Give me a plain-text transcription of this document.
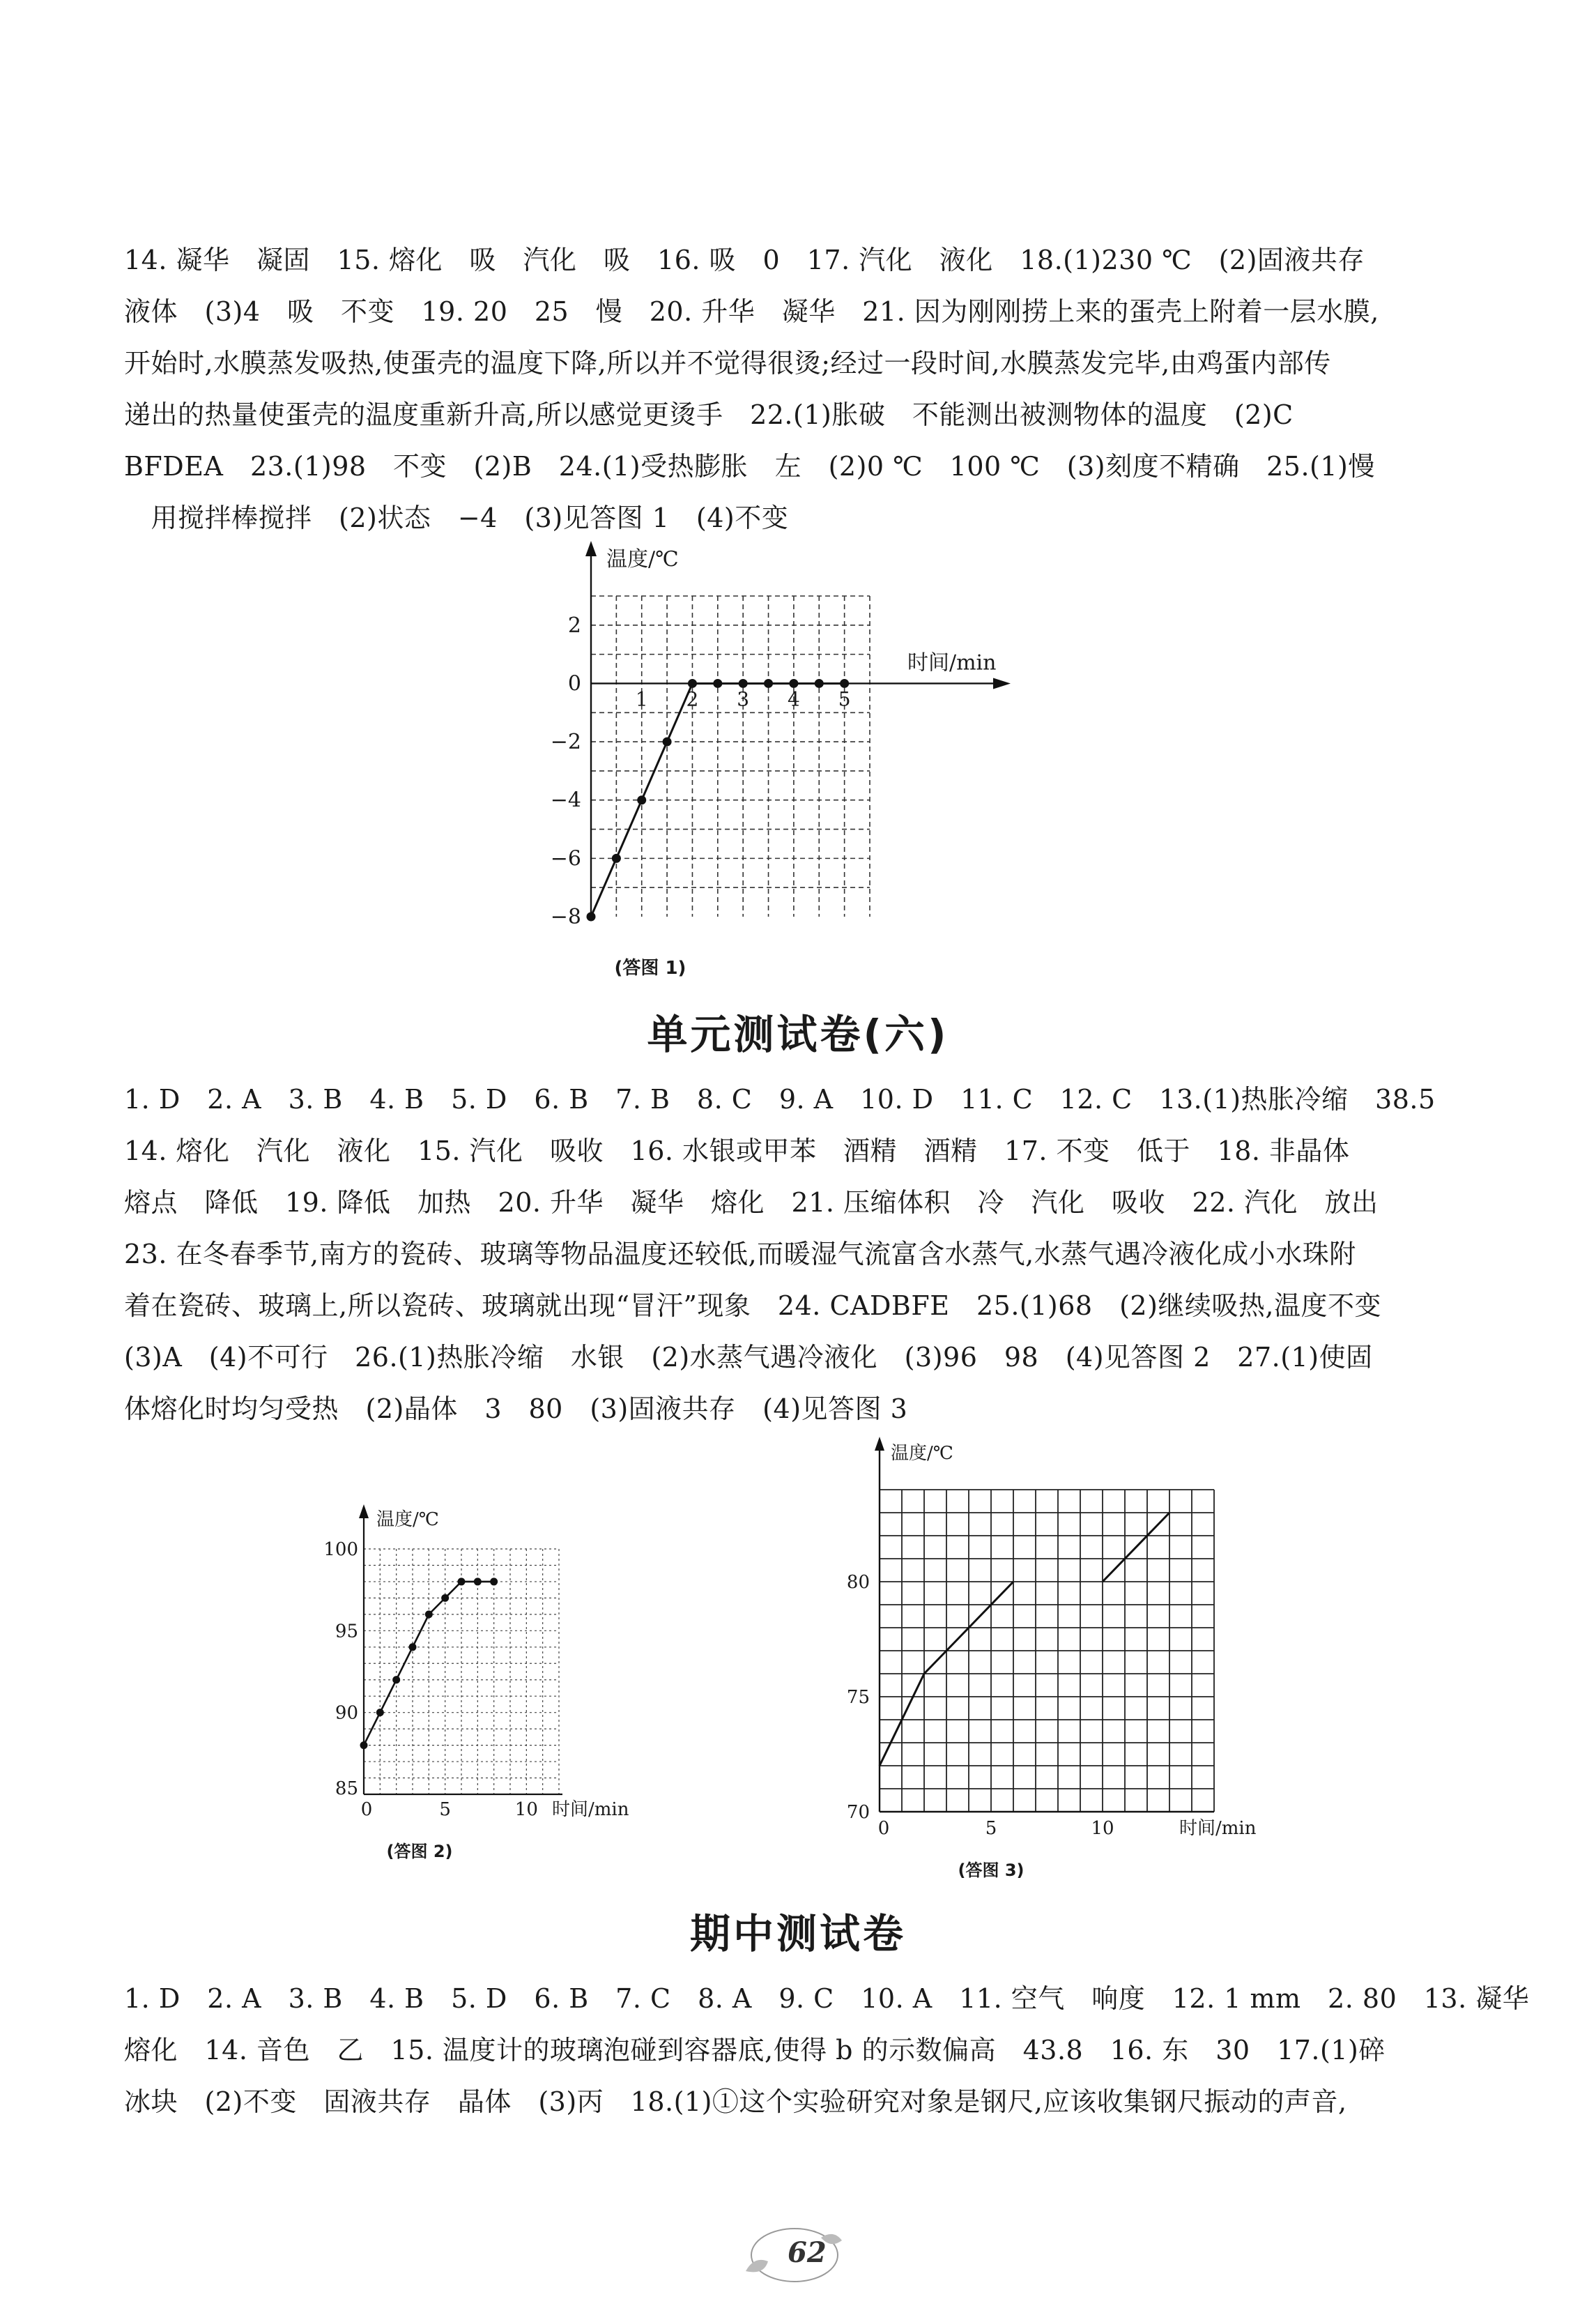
14. 凝华　凝固　15. 熔化　吸　汽化　吸　16. 吸　0　17. 汽化　液化　18.(1)230 ℃　(2)固液共存

液体　(3)4　吸　不变　19. 20　25　慢　20. 升华　凝华　21. 因为刚刚捞上来的蛋壳上附着一层水膜,

开始时,水膜蒸发吸热,使蛋壳的温度下降,所以并不觉得很烫;经过一段时间,水膜蒸发完毕,由鸡蛋内部传

递出的热量使蛋壳的温度重新升高,所以感觉更烫手　22.(1)胀破　不能测出被测物体的温度　(2)C

BFDEA　23.(1)98　不变　(2)B　24.(1)受热膨胀　左　(2)0 ℃　100 ℃　(3)刻度不精确　25.(1)慢

　用搅拌棒搅拌　(2)状态　−4　(3)见答图 1　(4)不变

温度/℃
时间/min
2
0
−2
−4
−6
−8
1 2 3 4 5
(答图 1)
单元测试卷(六)

1. D　2. A　3. B　4. B　5. D　6. B　7. B　8. C　9. A　10. D　11. C　12. C　13.(1)热胀冷缩　38.5

14. 熔化　汽化　液化　15. 汽化　吸收　16. 水银或甲苯　酒精　酒精　17. 不变　低于　18. 非晶体

熔点　降低　19. 降低　加热　20. 升华　凝华　熔化　21. 压缩体积　冷　汽化　吸收　22. 汽化　放出

23. 在冬春季节,南方的瓷砖、玻璃等物品温度还较低,而暖湿气流富含水蒸气,水蒸气遇冷液化成小水珠附

着在瓷砖、玻璃上,所以瓷砖、玻璃就出现“冒汗”现象　24. CADBFE　25.(1)68　(2)继续吸热,温度不变

(3)A　(4)不可行　26.(1)热胀冷缩　水银　(2)水蒸气遇冷液化　(3)96　98　(4)见答图 2　27.(1)使固

体熔化时均匀受热　(2)晶体　3　80　(3)固液共存　(4)见答图 3

温度/℃
时间/min
85
90
95
100
0	5	10
(答图 2)
温度/℃
时间/min
70
75
80
0	5	10
(答图 3)
期中测试卷

1. D　2. A　3. B　4. B　5. D　6. B　7. C　8. A　9. C　10. A　11. 空气　响度　12. 1 mm　2. 80　13. 凝华

熔化　14. 音色　乙　15. 温度计的玻璃泡碰到容器底,使得 b 的示数偏高　43.8　16. 东　30　17.(1)碎

冰块　(2)不变　固液共存　晶体　(3)丙　18.(1)①这个实验研究对象是钢尺,应该收集钢尺振动的声音,

62
